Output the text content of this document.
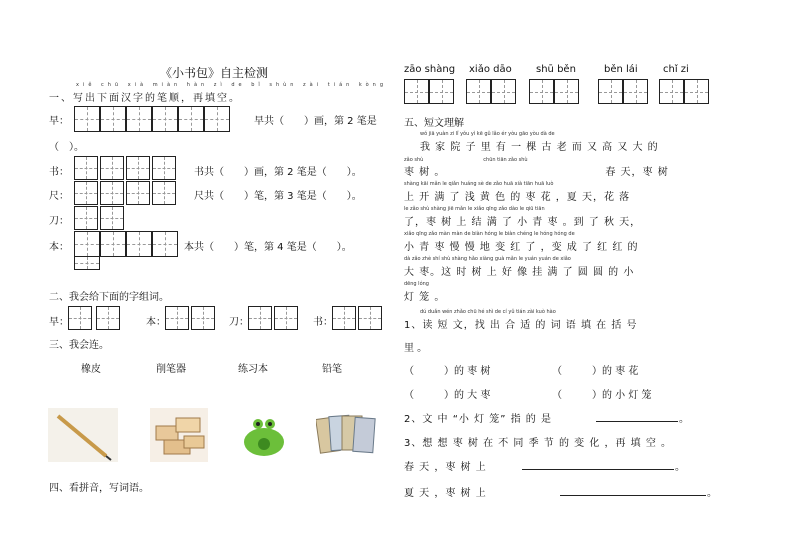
《小书包》自主检测
xiě chū xià miàn hàn zì de bǐ shùn zài tián kòng
一、写出下面汉字的笔顺，再填空。
早：	早共（　　）画，第 2 笔是
（　）。
书：	书共（　　）画，第 2 笔是（　　）。
尺：	尺共（　　）笔，第 3 笔是（　　）。
刀：
本：	本共（　　）笔，第 4 笔是（　　）。
二、我会给下面的字组词。
早：	本：	刀：	书：
三、我会连。
橡皮	削笔器	练习本	铅笔
四、看拼音，写词语。
zāo shàng xiǎo dāo shū běn	běn lái	chǐ zi
五、短文理解
wǒ jiā yuàn zi lǐ yǒu yì kē gǔ lǎo ér yòu gāo yòu dà de
我 家 院 子 里 有 一 棵 古 老 而 又 高 又 大 的
zǎo shù　　　　　　　　　　　　chūn tiān zǎo shù
枣 树 。　　　　　　　　　　　　　　　春 天，枣 树
shàng kāi mǎn le qiǎn huáng sè de zǎo huā xià tiān huā luò
上 开 满 了 浅 黄 色 的 枣 花 ，夏 天，花 落
le zǎo shù shàng jiē mǎn le xiǎo qīng zǎo dào le qiū tiān
了，枣 树 上 结 满 了 小 青 枣 。到 了 秋 天，
xiǎo qīng zǎo màn màn de biàn hóng le biàn chéng le hóng hóng de
小 青 枣 慢 慢 地 变 红 了 ，变 成 了 红 红 的
dà zǎo zhè shí shù shàng hǎo xiàng guà mǎn le yuán yuán de xiǎo
大 枣。这 时 树 上 好 像 挂 满 了 圆 圆 的 小
dēng lóng
灯 笼 。
dú duǎn wén zhǎo chū hé shì de cí yǔ tián zài kuò hào
1、读 短 文，找 出 合 适 的 词 语 填 在 括 号
里 。
（　　　）的 枣 树	（　　　）的 枣 花
（　　　）的 大 枣	（　　　）的 小 灯 笼
2、文 中 “小 灯 笼” 指 的 是	。
3、想 想 枣 树 在 不 同 季 节 的 变 化 ，再 填 空 。
春 天 ，枣 树 上	。
夏 天 ，枣 树 上	。
